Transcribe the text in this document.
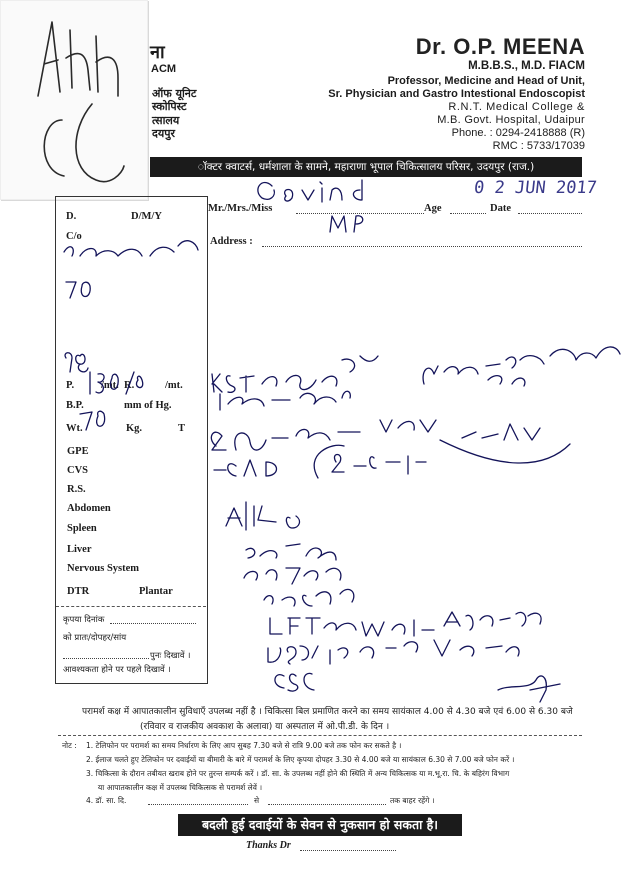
ना
ACM
ऑफ यूनिट
स्कोपिस्ट
त्सालय
दयपुर
Dr. O.P. MEENA
M.B.B.S., M.D. FIACM
Professor, Medicine and Head of Unit,
Sr. Physician and Gastro Intestional Endoscopist
R.N.T. Medical College &
M.B. Govt. Hospital, Udaipur
Phone. : 0294-2418888 (R)
RMC : 5733/17039
ॉक्टर क्वाटर्स, धर्मशाला के सामने, महाराणा भूपाल चिकित्सालय परिसर, उदयपुर (राज.)
Mr./Mrs./Miss	Age	Date
0 2 JUN 2017
Address :
D.	D/M/Y
C/o
P.	/mt. R.	/mt.
B.P.	mm of Hg.
Wt.	Kg.	T
GPE
CVS
R.S.
Abdomen
Spleen
Liver
Nervous System
DTR	Plantar
कृपया दिनांक
को प्रातः/दोपहर/सांय
पुनः दिखावें ।
आवश्यकता होने पर पहले दिखावें ।
परामर्श कक्ष में आपातकालीन सुविधाएँ उपलब्ध नहीं है । चिकित्सा बिल प्रमाणित करने का समय सायंकाल 4.00 से 4.30 बजे एवं 6.00 से 6.30 बजे
(रविवार व राजकीय अवकाश के अलावा) या अस्पताल में ओ.पी.डी. के दिन ।
नोट : 1. टेलिफोन पर परामर्श का समय निर्धारण के लिए आप सुबह 7.30 बजे से रात्रि 9.00 बजे तक फोन कर सकते है ।
2. ईलाज चलते हुए टेलिफोन पर दवाईयों या बीमारी के बारे में परामर्श के लिए कृपया दोपहर 3.30 से 4.00 बजे या सायंकाल 6.30 से 7.00 बजे फोन करें ।
3. चिकित्सा के दौरान तबीयत खराब होने पर तुरन्त सम्पर्क करें । डॉ. सा. के उपलब्ध नहीं होने की स्थिति में अन्य चिकित्सक या म.भू.रा. चि. के बहिरंग विभाग
या आपातकालीन कक्ष में उपलब्ध चिकित्सक से परामर्श लेवें ।
4. डॉ. सा. दि.	से	तक बाहर रहेंगे ।
बदली हुई दवाईयों के सेवन से नुकसान हो सकता है।
Thanks Dr
